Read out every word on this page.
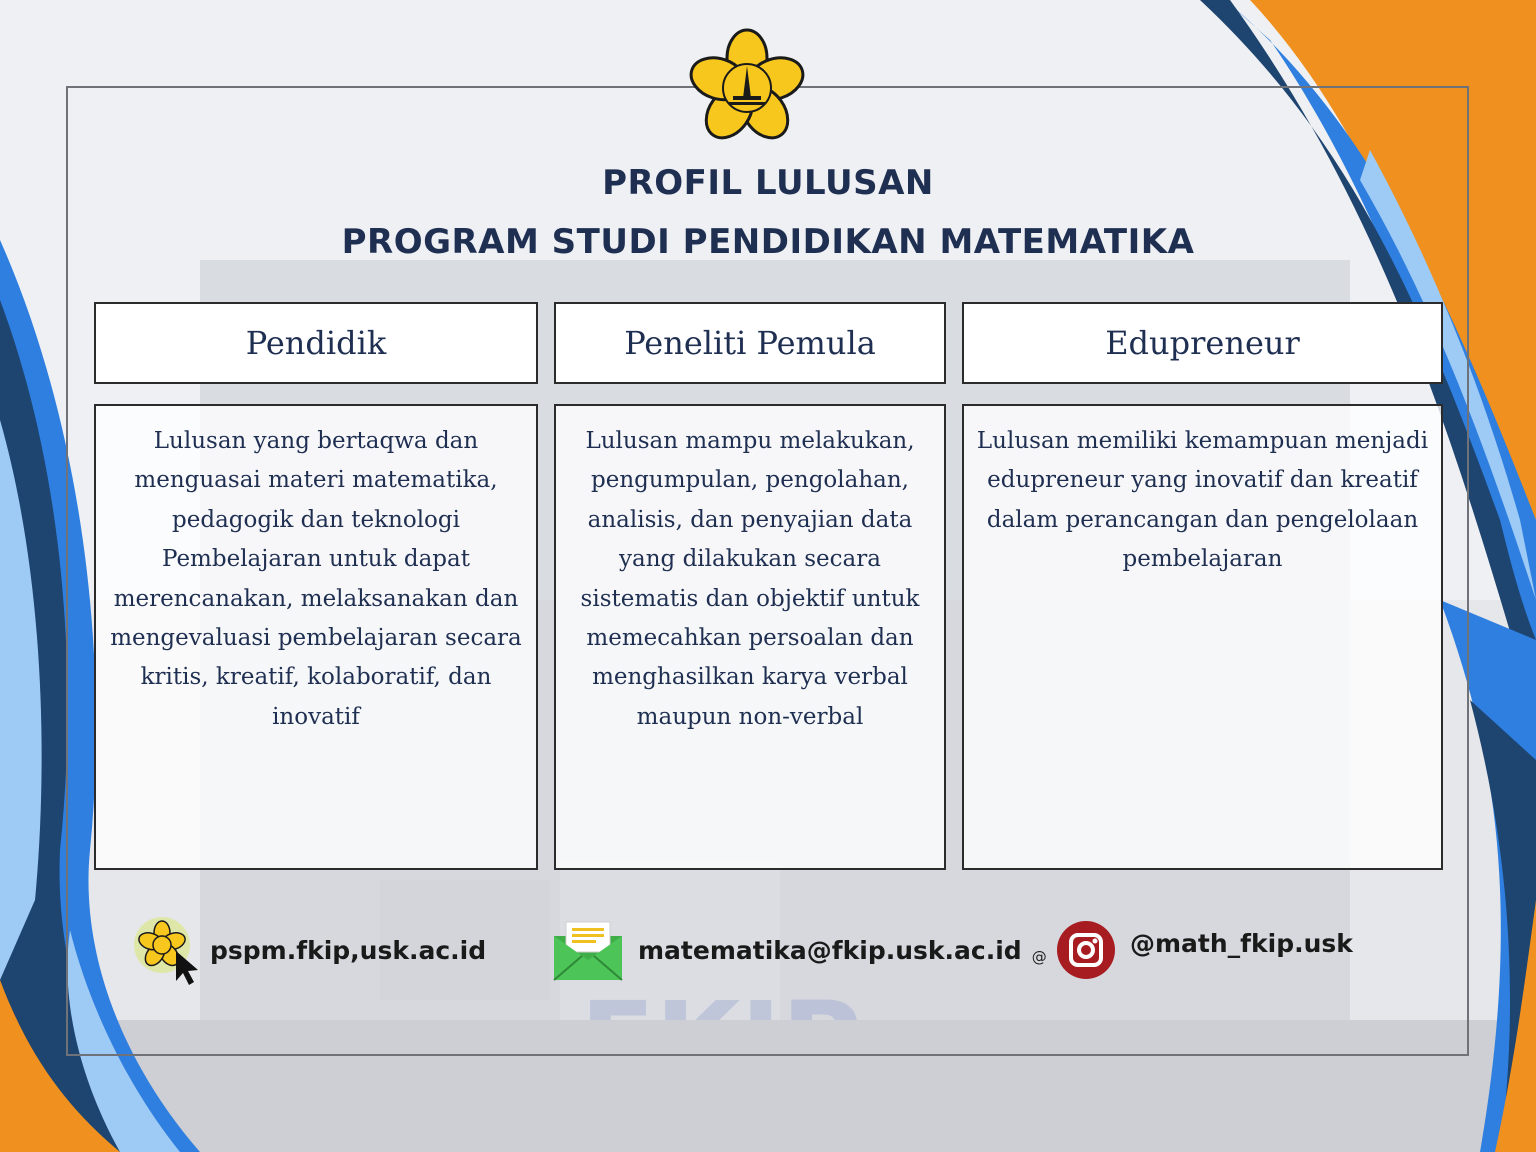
PROFIL LULUSAN
PROGRAM STUDI PENDIDIKAN MATEMATIKA
Pendidik	Peneliti Pemula	Edupreneur
Lulusan yang bertaqwa dan menguasai materi matematika, pedagogik dan teknologi Pembelajaran untuk dapat merencanakan, melaksanakan dan mengevaluasi pembelajaran secara kritis, kreatif, kolaboratif, dan inovatif
Lulusan mampu melakukan, pengumpulan, pengolahan, analisis, dan penyajian data yang dilakukan secara sistematis dan objektif untuk memecahkan persoalan dan menghasilkan karya verbal maupun non-verbal
Lulusan memiliki kemampuan menjadi edupreneur yang inovatif dan kreatif dalam perancangan dan pengelolaan pembelajaran
pspm.fkip,usk.ac.id	matematika@fkip.usk.ac.id @	@math_fkip.usk
